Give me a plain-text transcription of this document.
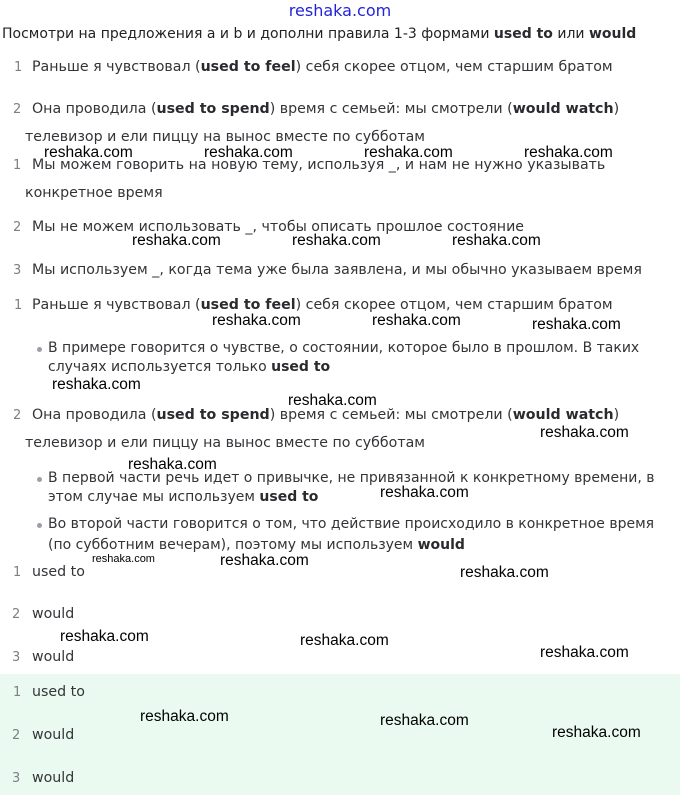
reshaka.com
Посмотри на предложения a и b и дополни правила 1-3 формами used to или would
1 Раньше я чувствовал (used to feel) себя скорее отцом, чем старшим братом
2 Она проводила (used to spend) время с семьей: мы смотрели (would watch)
телевизор и ели пиццу на вынос вместе по субботам
1 Мы можем говорить на новую тему, используя _, и нам не нужно указывать
конкретное время
2 Мы не можем использовать _, чтобы описать прошлое состояние
3 Мы используем _, когда тема уже была заявлена, и мы обычно указываем время
1 Раньше я чувствовал (used to feel) себя скорее отцом, чем старшим братом
В примере говорится о чувстве, о состоянии, которое было в прошлом. В таких
случаях используется только used to
2 Она проводила (used to spend) время с семьей: мы смотрели (would watch)
телевизор и ели пиццу на вынос вместе по субботам
В первой части речь идет о привычке, не привязанной к конкретному времени, в
этом случае мы используем used to
Во второй части говорится о том, что действие происходило в конкретное время
(по субботним вечерам), поэтому мы используем would
1 used to
2 would
3 would
1 used to
2 would
3 would
reshaka.com	reshaka.com	reshaka.com	reshaka.com
reshaka.com	reshaka.com	reshaka.com
reshaka.com	reshaka.com	reshaka.com
reshaka.com
reshaka.com
reshaka.com
reshaka.com
reshaka.com
reshaka.com	reshaka.com
reshaka.com
reshaka.com	reshaka.com
reshaka.com
reshaka.com	reshaka.com
reshaka.com
